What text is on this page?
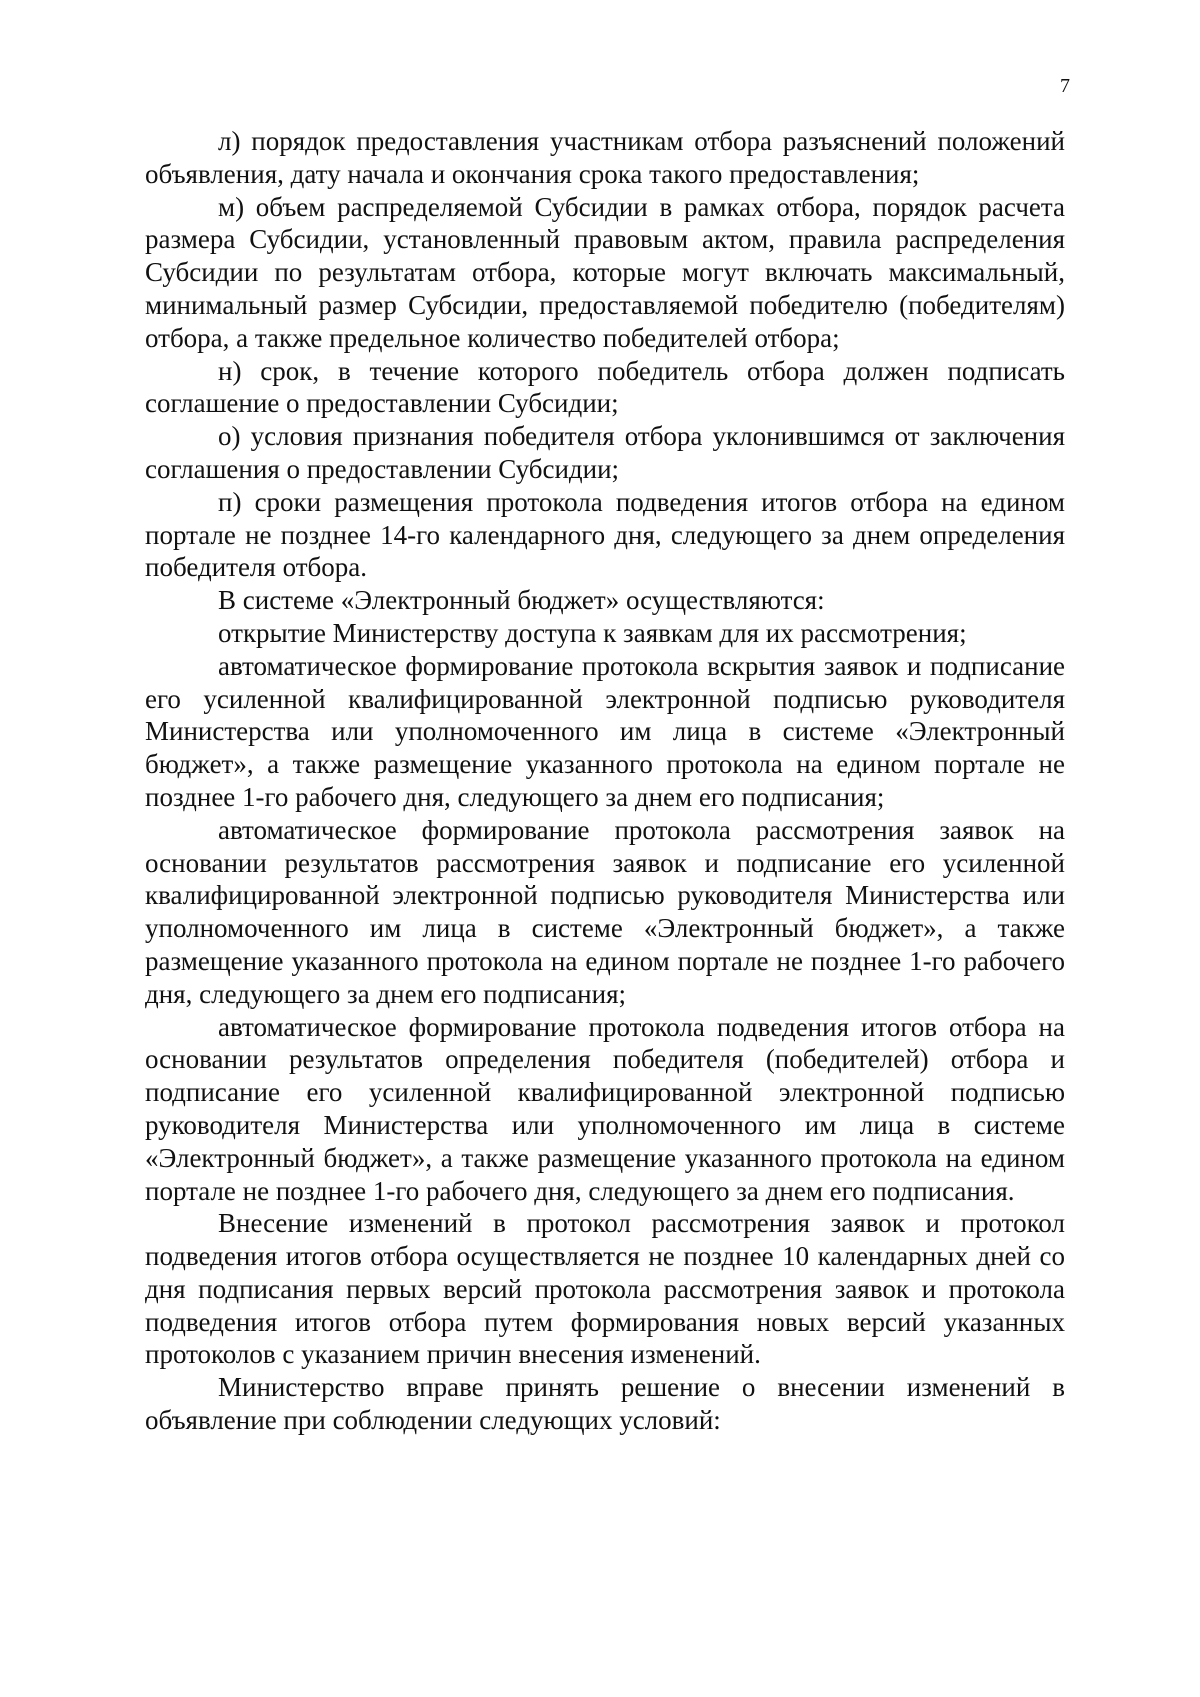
7

л) порядок предоставления участникам отбора разъяснений положений объявления, дату начала и окончания срока такого предоставления;

м) объем распределяемой Субсидии в рамках отбора, порядок расчета размера Субсидии, установленный правовым актом, правила распределения Субсидии по результатам отбора, которые могут включать максимальный, минимальный размер Субсидии, предоставляемой победителю (победителям) отбора, а также предельное количество победителей отбора;

н) срок, в течение которого победитель отбора должен подписать соглашение о предоставлении Субсидии;

о) условия признания победителя отбора уклонившимся от заключения соглашения о предоставлении Субсидии;

п) сроки размещения протокола подведения итогов отбора на едином портале не позднее 14-го календарного дня, следующего за днем определения победителя отбора.

В системе «Электронный бюджет» осуществляются:

открытие Министерству доступа к заявкам для их рассмотрения;

автоматическое формирование протокола вскрытия заявок и подписание его усиленной квалифицированной электронной подписью руководителя Министерства или уполномоченного им лица в системе «Электронный бюджет», а также размещение указанного протокола на едином портале не позднее 1-го рабочего дня, следующего за днем его подписания;

автоматическое формирование протокола рассмотрения заявок на основании результатов рассмотрения заявок и подписание его усиленной квалифицированной электронной подписью руководителя Министерства или уполномоченного им лица в системе «Электронный бюджет», а также размещение указанного протокола на едином портале не позднее 1-го рабочего дня, следующего за днем его подписания;

автоматическое формирование протокола подведения итогов отбора на основании результатов определения победителя (победителей) отбора и подписание его усиленной квалифицированной электронной подписью руководителя Министерства или уполномоченного им лица в системе «Электронный бюджет», а также размещение указанного протокола на едином портале не позднее 1-го рабочего дня, следующего за днем его подписания.

Внесение изменений в протокол рассмотрения заявок и протокол подведения итогов отбора осуществляется не позднее 10 календарных дней со дня подписания первых версий протокола рассмотрения заявок и протокола подведения итогов отбора путем формирования новых версий указанных протоколов с указанием причин внесения изменений.

Министерство вправе принять решение о внесении изменений в объявление при соблюдении следующих условий:
